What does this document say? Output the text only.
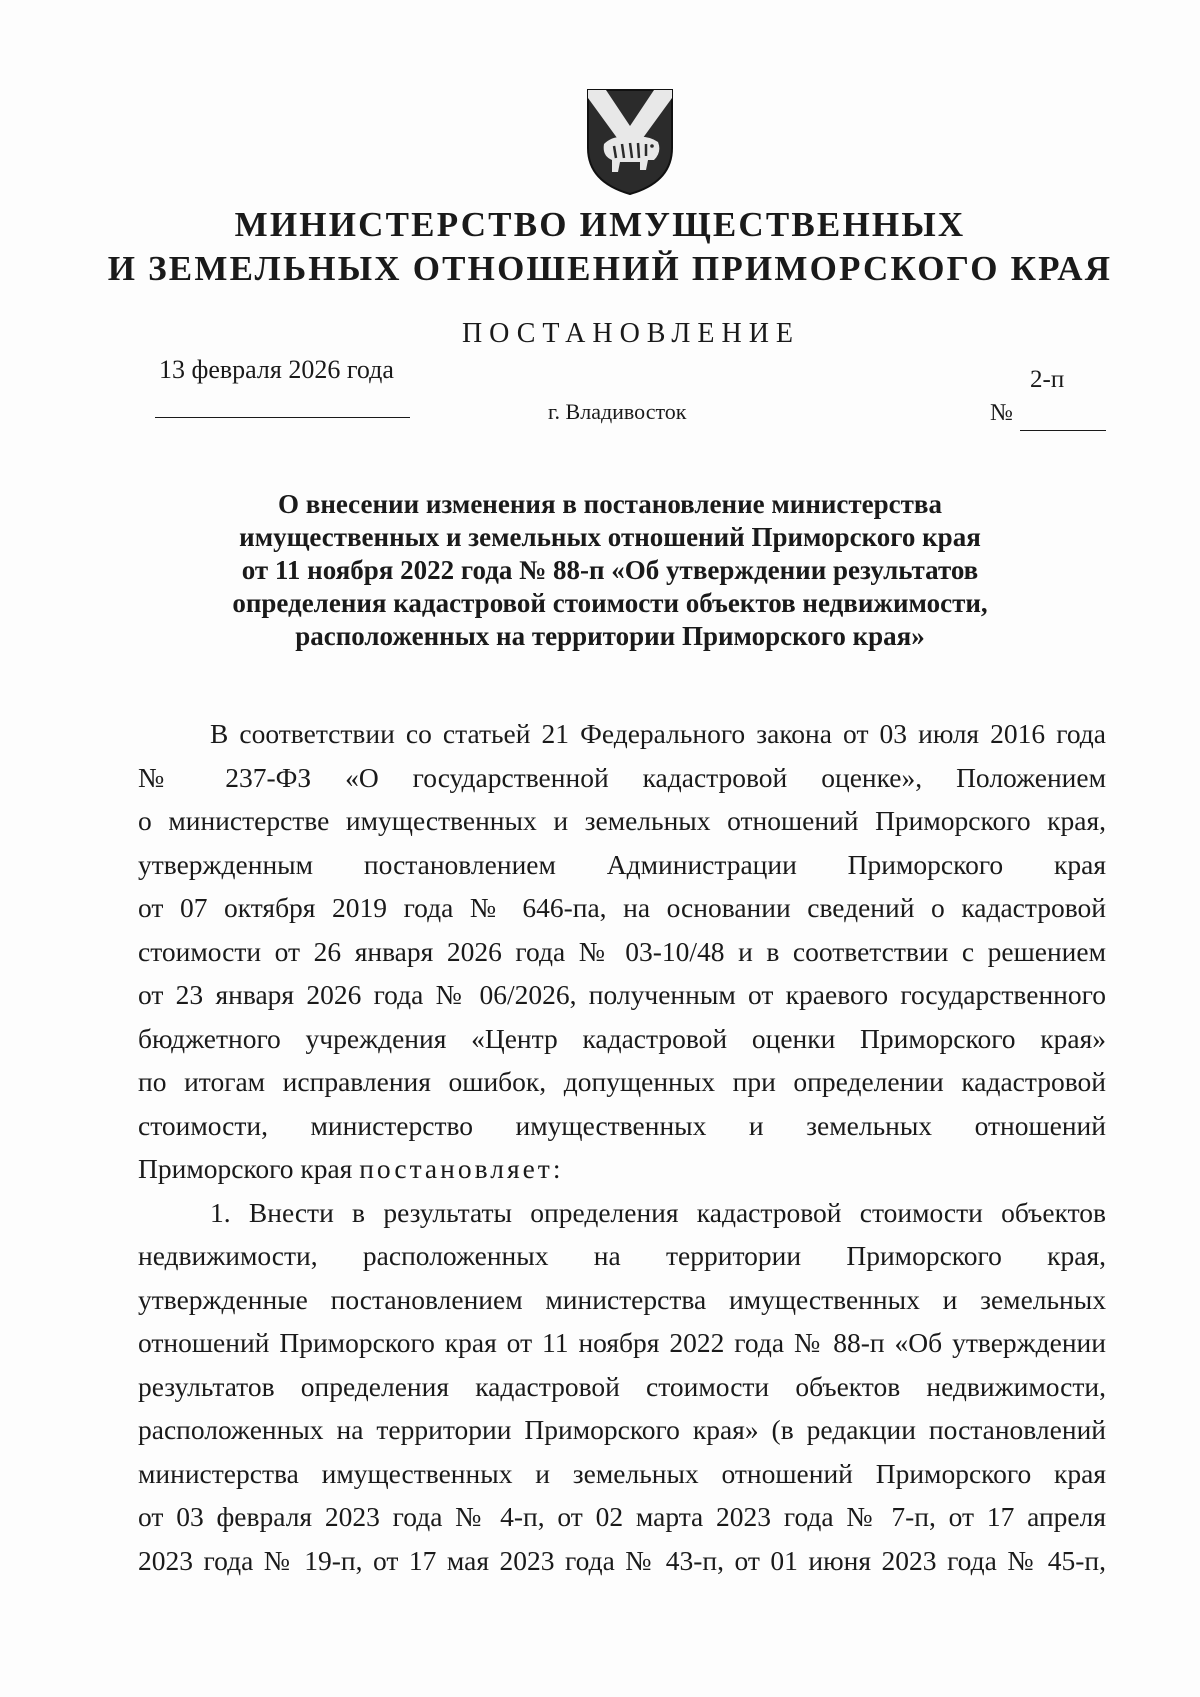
МИНИСТЕРСТВО ИМУЩЕСТВЕННЫХ
И ЗЕМЕЛЬНЫХ ОТНОШЕНИЙ ПРИМОРСКОГО КРАЯ
ПОСТАНОВЛЕНИЕ
13 февраля 2026 года
г. Владивосток
2-п
№
О внесении изменения в постановление министерства
имущественных и земельных отношений Приморского края
от 11 ноября 2022 года № 88-п «Об утверждении результатов
определения кадастровой стоимости объектов недвижимости,
расположенных на территории Приморского края»
В соответствии со статьей 21 Федерального закона от 03 июля 2016 года
№ 237-ФЗ «О государственной кадастровой оценке», Положением
о министерстве имущественных и земельных отношений Приморского края,
утвержденным постановлением Администрации Приморского края
от 07 октября 2019 года № 646-па, на основании сведений о кадастровой
стоимости от 26 января 2026 года № 03-10/48 и в соответствии с решением
от 23 января 2026 года № 06/2026, полученным от краевого государственного
бюджетного учреждения «Центр кадастровой оценки Приморского края»
по итогам исправления ошибок, допущенных при определении кадастровой
стоимости, министерство имущественных и земельных отношений
Приморского края постановляет:
1. Внести в результаты определения кадастровой стоимости объектов
недвижимости, расположенных на территории Приморского края,
утвержденные постановлением министерства имущественных и земельных
отношений Приморского края от 11 ноября 2022 года № 88-п «Об утверждении
результатов определения кадастровой стоимости объектов недвижимости,
расположенных на территории Приморского края» (в редакции постановлений
министерства имущественных и земельных отношений Приморского края
от 03 февраля 2023 года № 4-п, от 02 марта 2023 года № 7-п, от 17 апреля
2023 года № 19-п, от 17 мая 2023 года № 43-п, от 01 июня 2023 года № 45-п,
